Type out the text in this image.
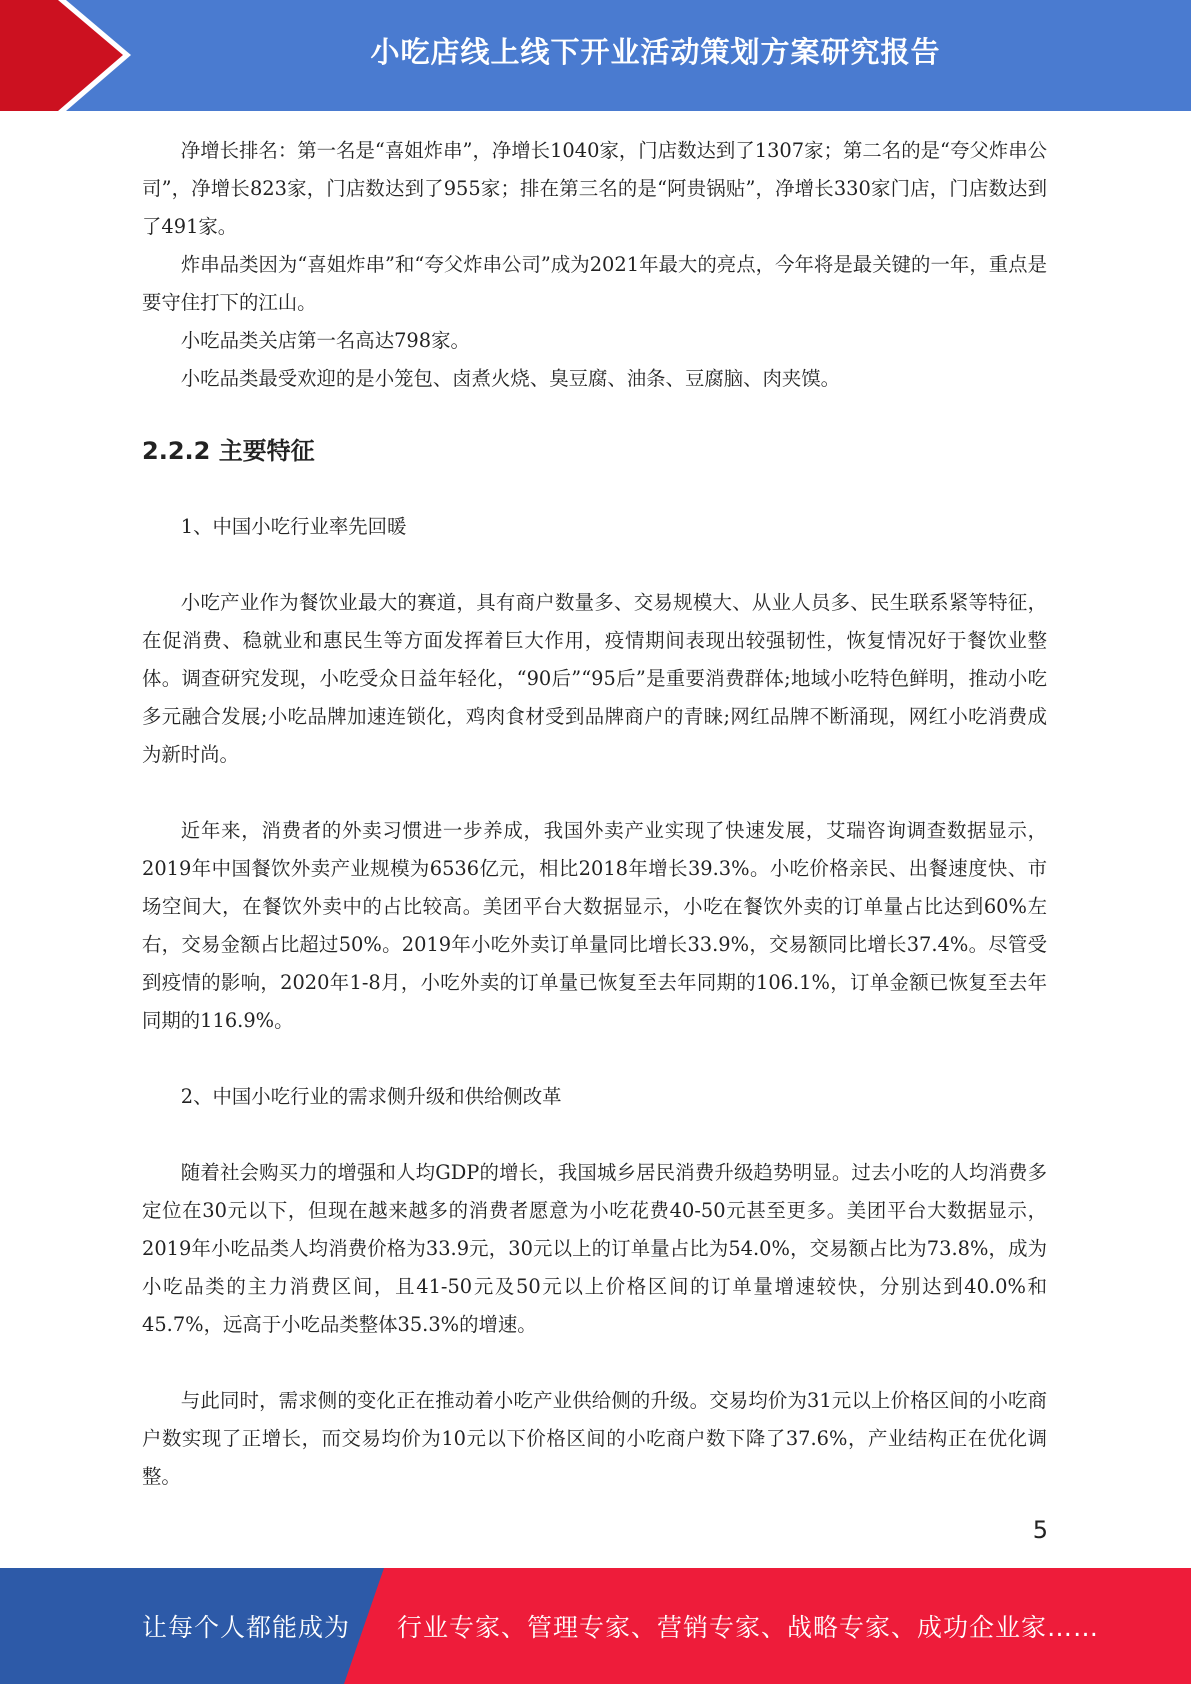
小吃店线上线下开业活动策划方案研究报告

净增长排名：第一名是“喜姐炸串”，净增长1040家，门店数达到了1307家；第二名的是“夸父炸串公司”，净增长823家，门店数达到了955家；排在第三名的是“阿贵锅贴”，净增长330家门店，门店数达到了491家。

炸串品类因为“喜姐炸串”和“夸父炸串公司”成为2021年最大的亮点，今年将是最关键的一年，重点是要守住打下的江山。

小吃品类关店第一名高达798家。

小吃品类最受欢迎的是小笼包、卤煮火烧、臭豆腐、油条、豆腐脑、肉夹馍。

2.2.2 主要特征

1、中国小吃行业率先回暖

小吃产业作为餐饮业最大的赛道，具有商户数量多、交易规模大、从业人员多、民生联系紧等特征，在促消费、稳就业和惠民生等方面发挥着巨大作用，疫情期间表现出较强韧性，恢复情况好于餐饮业整体。调查研究发现，小吃受众日益年轻化，“90后”“95后”是重要消费群体;地域小吃特色鲜明，推动小吃多元融合发展;小吃品牌加速连锁化，鸡肉食材受到品牌商户的青睐;网红品牌不断涌现，网红小吃消费成为新时尚。

近年来，消费者的外卖习惯进一步养成，我国外卖产业实现了快速发展，艾瑞咨询调查数据显示，2019年中国餐饮外卖产业规模为6536亿元，相比2018年增长39.3%。小吃价格亲民、出餐速度快、市场空间大，在餐饮外卖中的占比较高。美团平台大数据显示，小吃在餐饮外卖的订单量占比达到60%左右，交易金额占比超过50%。2019年小吃外卖订单量同比增长33.9%，交易额同比增长37.4%。尽管受到疫情的影响，2020年1-8月，小吃外卖的订单量已恢复至去年同期的106.1%，订单金额已恢复至去年同期的116.9%。

2、中国小吃行业的需求侧升级和供给侧改革

随着社会购买力的增强和人均GDP的增长，我国城乡居民消费升级趋势明显。过去小吃的人均消费多定位在30元以下，但现在越来越多的消费者愿意为小吃花费40-50元甚至更多。美团平台大数据显示，2019年小吃品类人均消费价格为33.9元，30元以上的订单量占比为54.0%，交易额占比为73.8%，成为小吃品类的主力消费区间，且41-50元及50元以上价格区间的订单量增速较快，分别达到40.0%和45.7%，远高于小吃品类整体35.3%的增速。

与此同时，需求侧的变化正在推动着小吃产业供给侧的升级。交易均价为31元以上价格区间的小吃商户数实现了正增长，而交易均价为10元以下价格区间的小吃商户数下降了37.6%，产业结构正在优化调整。

5
让每个人都能成为 行业专家、管理专家、营销专家、战略专家、成功企业家……
